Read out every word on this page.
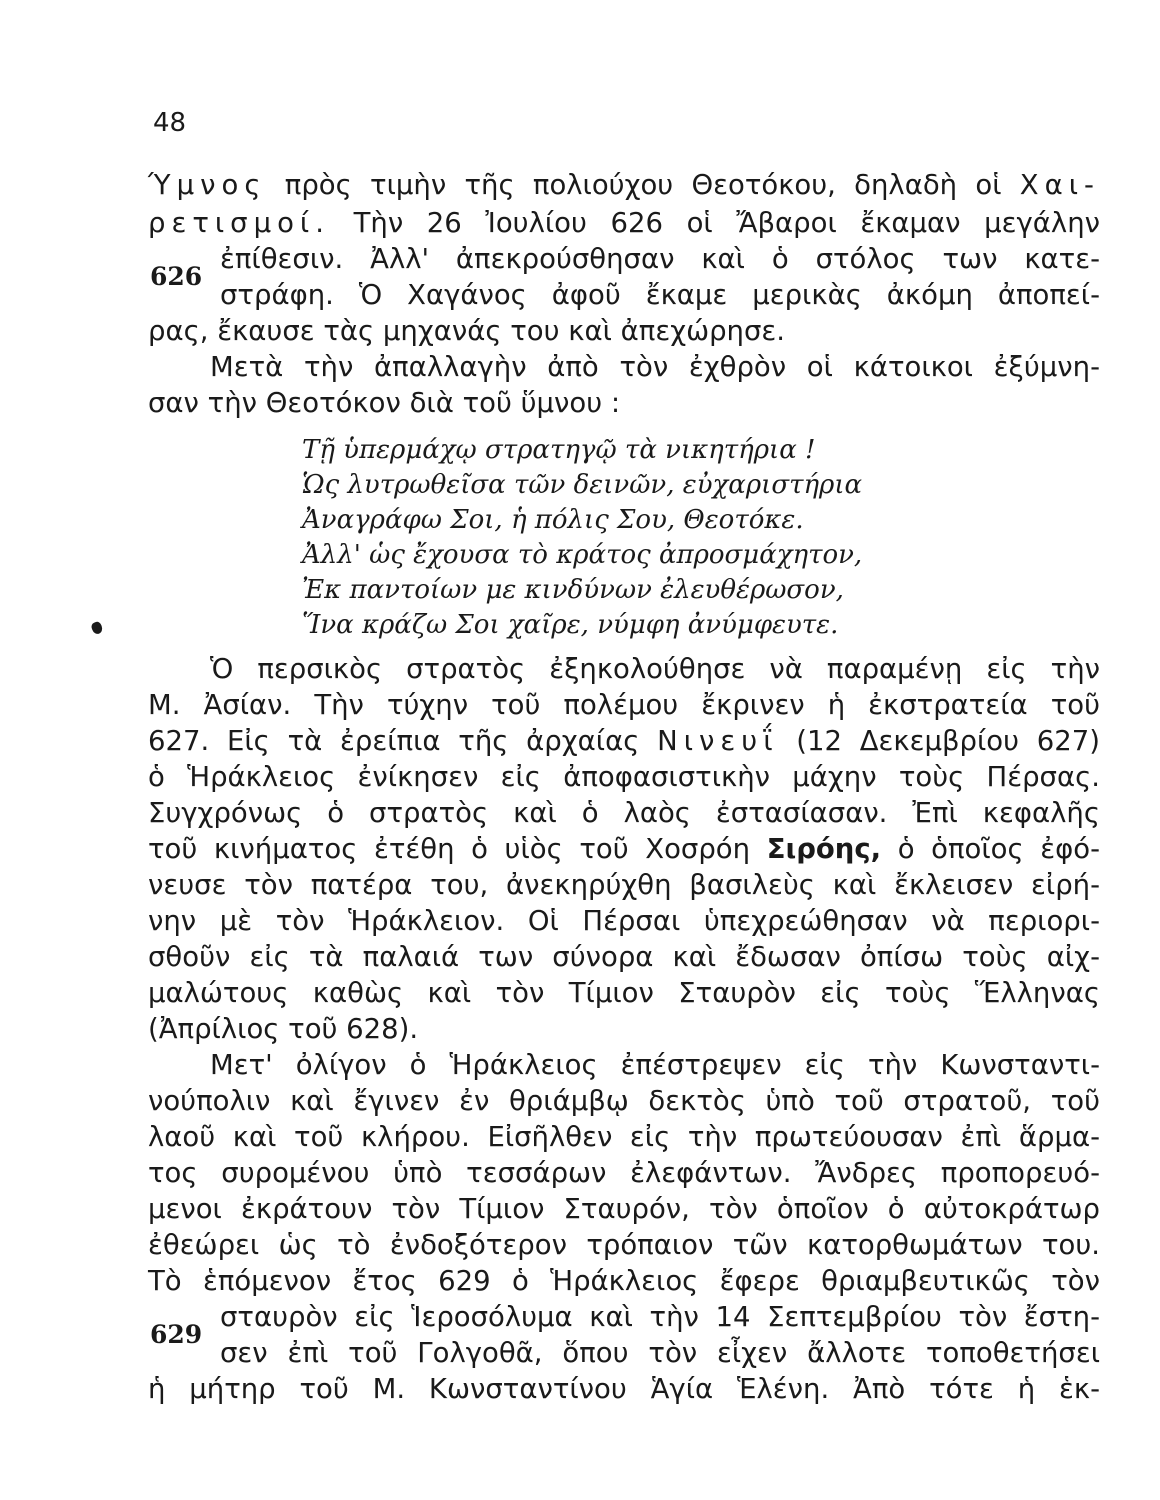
48
Ύμνος πρὸς τιμὴν τῆς πολιούχου Θεοτόκου, δηλαδὴ οἱ Χαι-
ρετισμοί. Τὴν 26 Ἰουλίου 626 οἱ Ἄβαροι ἔκαμαν μεγάλην
ἐπίθεσιν. Ἀλλ' ἀπεκρούσθησαν καὶ ὁ στόλος των κατε-
626
στράφη. Ὁ Χαγάνος ἀφοῦ ἔκαμε μερικὰς ἀκόμη ἀποπεί-
ρας, ἔκαυσε τὰς μηχανάς του καὶ ἀπεχώρησε.
Μετὰ τὴν ἀπαλλαγὴν ἀπὸ τὸν ἐχθρὸν οἱ κάτοικοι ἐξύμνη-
σαν τὴν Θεοτόκον διὰ τοῦ ὕμνου :
Τῇ ὑπερμάχῳ στρατηγῷ τὰ νικητήρια !
Ὡς λυτρωθεῖσα τῶν δεινῶν, εὐχαριστήρια
Ἀναγράφω Σοι, ἡ πόλις Σου, Θεοτόκε.
Ἀλλ' ὡς ἔχουσα τὸ κράτος ἀπροσμάχητον,
Ἐκ παντοίων με κινδύνων ἐλευθέρωσον,
Ἵνα κράζω Σοι χαῖρε, νύμφη ἀνύμφευτε.
Ὁ περσικὸς στρατὸς ἐξηκολούθησε νὰ παραμένῃ εἰς τὴν
Μ. Ἀσίαν. Τὴν τύχην τοῦ πολέμου ἔκρινεν ἡ ἐκστρατεία τοῦ
627. Εἰς τὰ ἐρείπια τῆς ἀρχαίας Νινευΐ (12 Δεκεμβρίου 627)
ὁ Ἡράκλειος ἐνίκησεν εἰς ἀποφασιστικὴν μάχην τοὺς Πέρσας.
Συγχρόνως ὁ στρατὸς καὶ ὁ λαὸς ἐστασίασαν. Ἐπὶ κεφαλῆς
τοῦ κινήματος ἐτέθη ὁ υἱὸς τοῦ Χοσρόη Σιρόης, ὁ ὁποῖος ἐφό-
νευσε τὸν πατέρα του, ἀνεκηρύχθη βασιλεὺς καὶ ἔκλεισεν εἰρή-
νην μὲ τὸν Ἡράκλειον. Οἱ Πέρσαι ὑπεχρεώθησαν νὰ περιορι-
σθοῦν εἰς τὰ παλαιά των σύνορα καὶ ἔδωσαν ὀπίσω τοὺς αἰχ-
μαλώτους καθὼς καὶ τὸν Τίμιον Σταυρὸν εἰς τοὺς Ἕλληνας
(Ἀπρίλιος τοῦ 628).
Μετ' ὀλίγον ὁ Ἡράκλειος ἐπέστρεψεν εἰς τὴν Κωνσταντι-
νούπολιν καὶ ἔγινεν ἐν θριάμβῳ δεκτὸς ὑπὸ τοῦ στρατοῦ, τοῦ
λαοῦ καὶ τοῦ κλήρου. Εἰσῆλθεν εἰς τὴν πρωτεύουσαν ἐπὶ ἅρμα-
τος συρομένου ὑπὸ τεσσάρων ἐλεφάντων. Ἄνδρες προπορευό-
μενοι ἐκράτουν τὸν Τίμιον Σταυρόν, τὸν ὁποῖον ὁ αὐτοκράτωρ
ἐθεώρει ὡς τὸ ἐνδοξότερον τρόπαιον τῶν κατορθωμάτων του.
Τὸ ἑπόμενον ἔτος 629 ὁ Ἡράκλειος ἔφερε θριαμβευτικῶς τὸν
σταυρὸν εἰς Ἱεροσόλυμα καὶ τὴν 14 Σεπτεμβρίου τὸν ἔστη-
629
σεν ἐπὶ τοῦ Γολγοθᾶ, ὅπου τὸν εἶχεν ἄλλοτε τοποθετήσει
ἡ μήτηρ τοῦ Μ. Κωνσταντίνου Ἁγία Ἑλένη. Ἀπὸ τότε ἡ ἑκ-
